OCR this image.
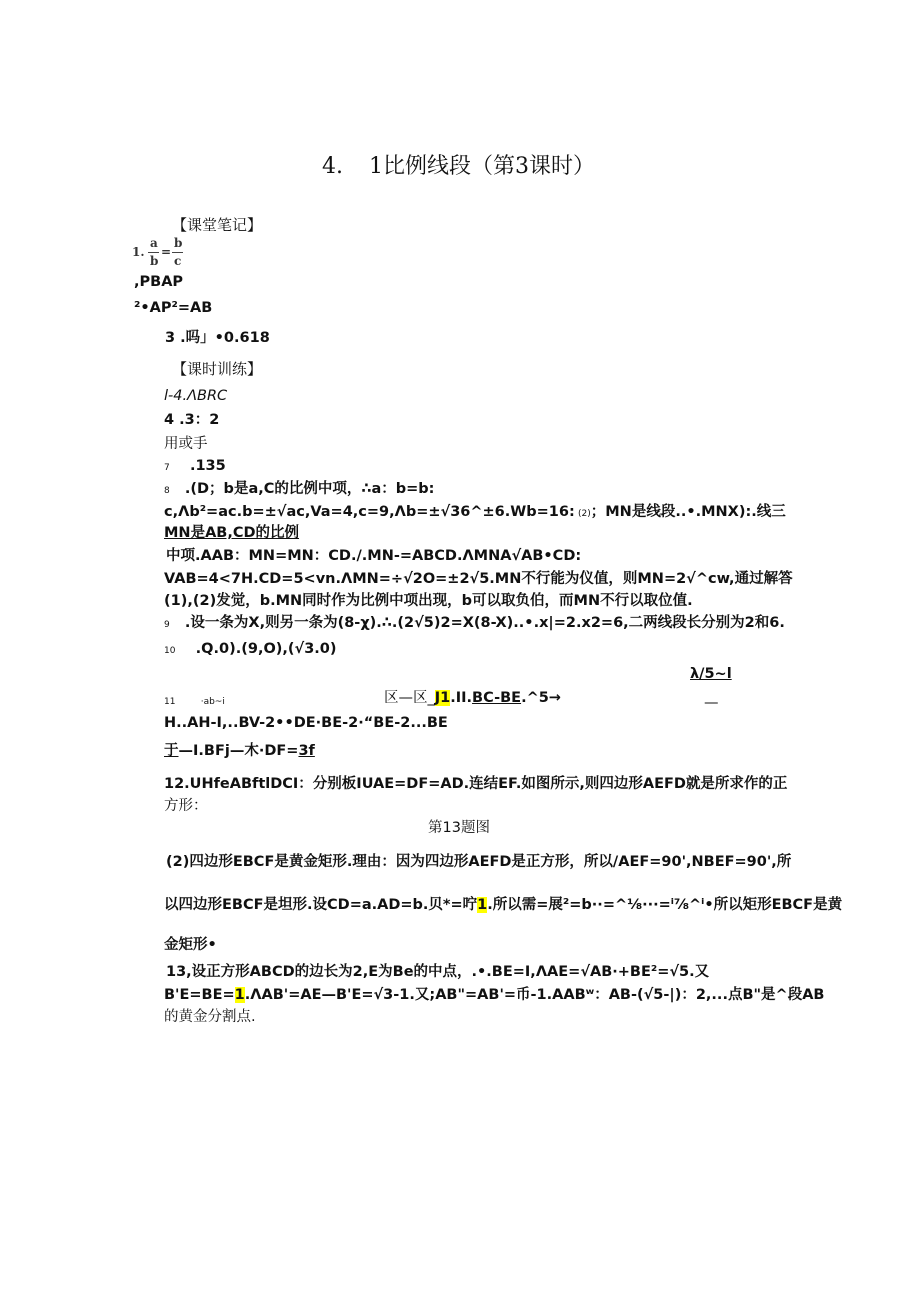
4. 1比例线段（第3课时）
【课堂笔记】
1.
a
b
=
b
c
,PBAP
²•AP²=AB
3 .吗」•0.618
【课时训练】
l-4.ΛBRC
4 .3：2
用或手
7 .135
8 .(D；b是a,C的比例中项，∴a：b=b:
c,Λb²=ac.b=±√ac,Va=4,c=9,Λb=±√36^±6.Wb=16: (2)；MN是线段..•.MNX):.线三
MN是AB,CD的比例
中项.AAB：MN=MN：CD./.MN-=ABCD.ΛMNA√AB•CD:
VAB=4<7H.CD=5<vn.ΛMN=÷√2O=±2√5.MN不行能为仪值，则MN=2√^cw,通过解答
(1),(2)发觉，b.MN同时作为比例中项出现，b可以取负伯，而MN不行以取位值.
9 .设一条为X,则另一条为(8-χ).∴.(2√5)2=X(8-X)..•.x|=2.x2=6,二两线段长分别为2和6.
10 .Q.0).(9,O),(√3.0)
λ/5~l
—
11	·ab~i	区—区_J1.II.BC-BE.^5→
H..AH-I,..BV-2••DE·BE-2·“BE-2...BE
于—I.BFj—木·DF=3f
12.UHfeABftlDCI：分别板IUAE=DF=AD.连结EF.如图所示,则四边形AEFD就是所求作的正
方形：
第13题图
(2)四边形EBCF是黄金矩形.理由：因为四边形AEFD是正方形，所以/AEF=90',NBEF=90',所
以四边形EBCF是坦形.设CD=a.AD=b.贝*=咛1.所以需=展²=b··=^⅛···=ⁱ⅞^ⁱ•所以矩形EBCF是黄
金矩形•
13,设正方形ABCD的边长为2,E为Be的中点，.•.BE=I,ΛAE=√AB·+BE²=√5.又
B'E=BE=1.ΛAB'=AE—B'E=√3-1.又;AB"=AB'=币-1.AABʷ：AB-(√5-|)：2,...点B"是^段AB
的黄金分割点.
